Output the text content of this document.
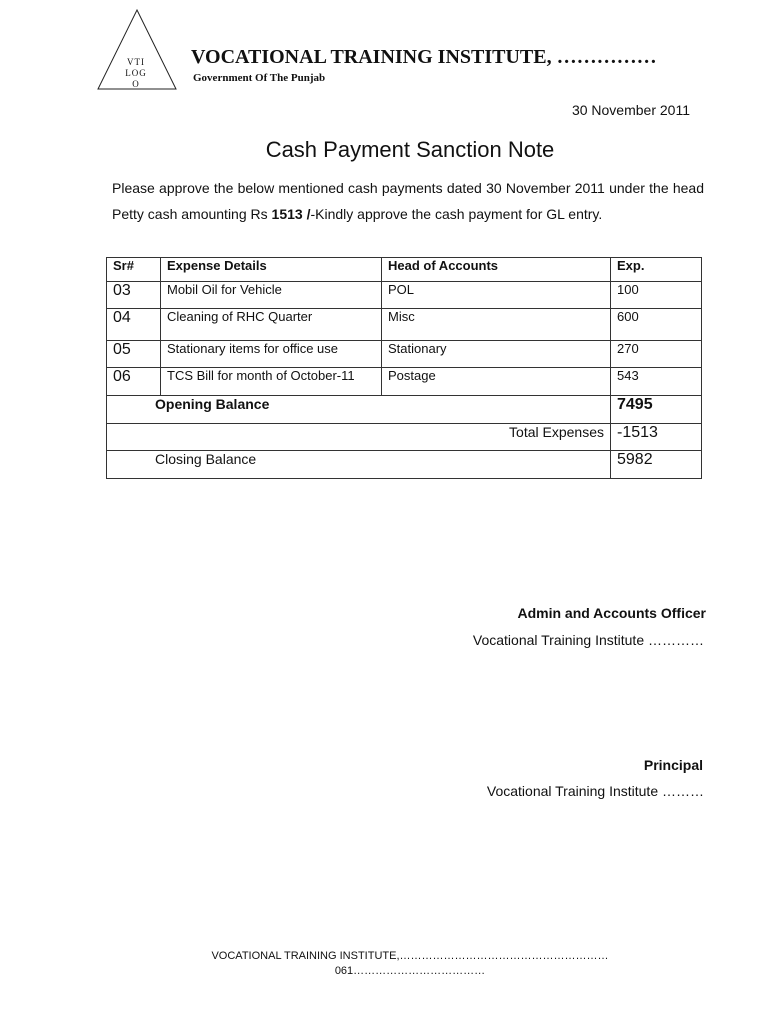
VTI
LOG
O
VOCATIONAL TRAINING INSTITUTE, ……………
Government Of The Punjab
30 November 2011
Cash Payment Sanction Note
Please approve the below mentioned cash payments dated 30 November 2011 under the head Petty cash amounting Rs 1513 /-Kindly approve the cash payment for GL entry.
Sr#	Expense Details	Head of Accounts	Exp.
03	Mobil Oil for Vehicle	POL	100
04	Cleaning of RHC Quarter	Misc	600
05	Stationary items for office use	Stationary	270
06	TCS Bill for month of October-11	Postage	543
Opening Balance			7495
Total Expenses			-1513
Closing Balance			5982
Admin and Accounts Officer
Vocational Training Institute …………
Principal
Vocational Training Institute ………
VOCATIONAL TRAINING INSTITUTE,…………………………………………………
061………………………………
